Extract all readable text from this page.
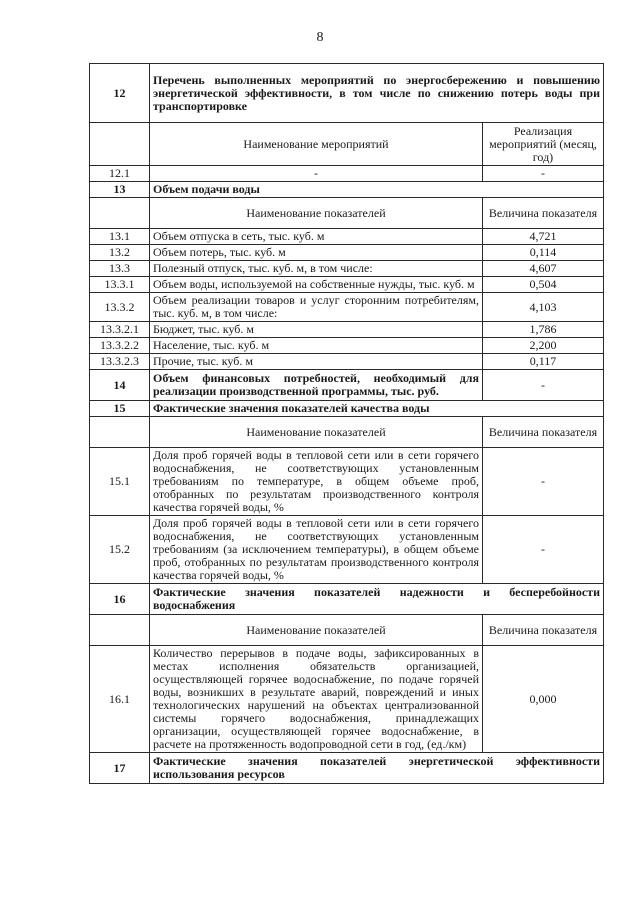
8
12	Перечень выполненных мероприятий по энергосбережению и повышению энергетической эффективности, в том числе по снижению потерь воды при транспортировке	
	Наименование мероприятий	Реализация мероприятий (месяц, год)
12.1	-	-
13	Объем подачи воды	
	Наименование показателей	Величина показателя
13.1	Объем отпуска в сеть, тыс. куб. м	4,721
13.2	Объем потерь, тыс. куб. м	0,114
13.3	Полезный отпуск, тыс. куб. м, в том числе:	4,607
13.3.1	Объем воды, используемой на собственные нужды, тыс. куб. м	0,504
13.3.2	Объем реализации товаров и услуг сторонним потребителям, тыс. куб. м, в том числе:	4,103
13.3.2.1	Бюджет, тыс. куб. м	1,786
13.3.2.2	Население, тыс. куб. м	2,200
13.3.2.3	Прочие, тыс. куб. м	0,117
14	Объем финансовых потребностей, необходимый для реализации производственной программы, тыс. руб.	-
15	Фактические значения показателей качества воды	
	Наименование показателей	Величина показателя
15.1	Доля проб горячей воды в тепловой сети или в сети горячего водоснабжения, не соответствующих установленным требованиям по температуре, в общем объеме проб, отобранных по результатам производственного контроля качества горячей воды, %	-
15.2	Доля проб горячей воды в тепловой сети или в сети горячего водоснабжения, не соответствующих установленным требованиям (за исключением температуры), в общем объеме проб, отобранных по результатам производственного контроля качества горячей воды, %	-
16	Фактические значения показателей надежности и бесперебойности водоснабжения	
	Наименование показателей	Величина показателя
16.1	Количество перерывов в подаче воды, зафиксированных в местах исполнения обязательств организацией, осуществляющей горячее водоснабжение, по подаче горячей воды, возникших в результате аварий, повреждений и иных технологических нарушений на объектах централизованной системы горячего водоснабжения, принадлежащих организации, осуществляющей горячее водоснабжение, в расчете на протяженность водопроводной сети в год, (ед./км)	0,000
17	Фактические значения показателей энергетической эффективности использования ресурсов	
